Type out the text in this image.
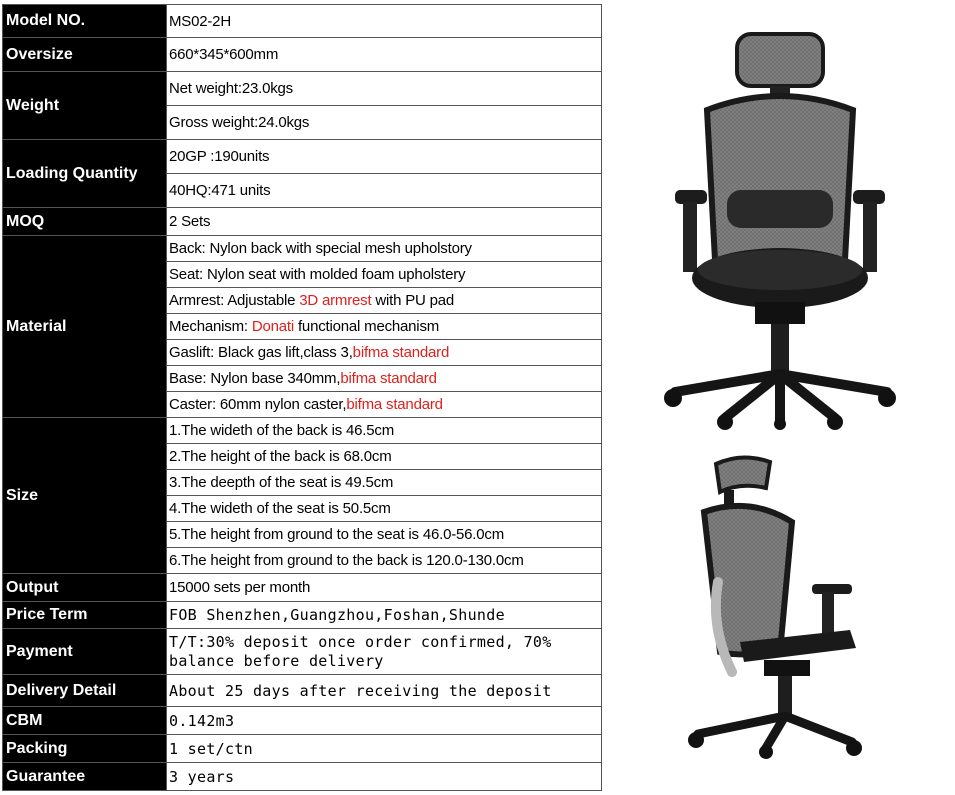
Model NO.	MS02-2H
Oversize	660*345*600mm
Weight	Net weight:23.0kgs
	Gross weight:24.0kgs
Loading Quantity	20GP :190units
	40HQ:471 units
MOQ	2 Sets
Material	Back: Nylon back with special mesh upholstory
	Seat: Nylon seat with molded foam upholstery
	Armrest: Adjustable 3D armrest with PU pad
	Mechanism: Donati functional mechanism
	Gaslift: Black gas lift,class 3,bifma standard
	Base: Nylon base 340mm,bifma standard
	Caster: 60mm nylon caster,bifma standard
Size	1.The wideth of the back is 46.5cm
	2.The height of the back is 68.0cm
	3.The deepth of the seat is 49.5cm
	4.The wideth of the seat is 50.5cm
	5.The height from ground to the seat is 46.0-56.0cm
	6.The height from ground to the back is 120.0-130.0cm
Output	15000 sets per month
Price Term	FOB Shenzhen,Guangzhou,Foshan,Shunde
Payment	T/T:30% deposit once order confirmed, 70% balance before delivery
Delivery Detail	About 25 days after receiving the deposit
CBM	0.142m3
Packing	1 set/ctn
Guarantee	3 years
